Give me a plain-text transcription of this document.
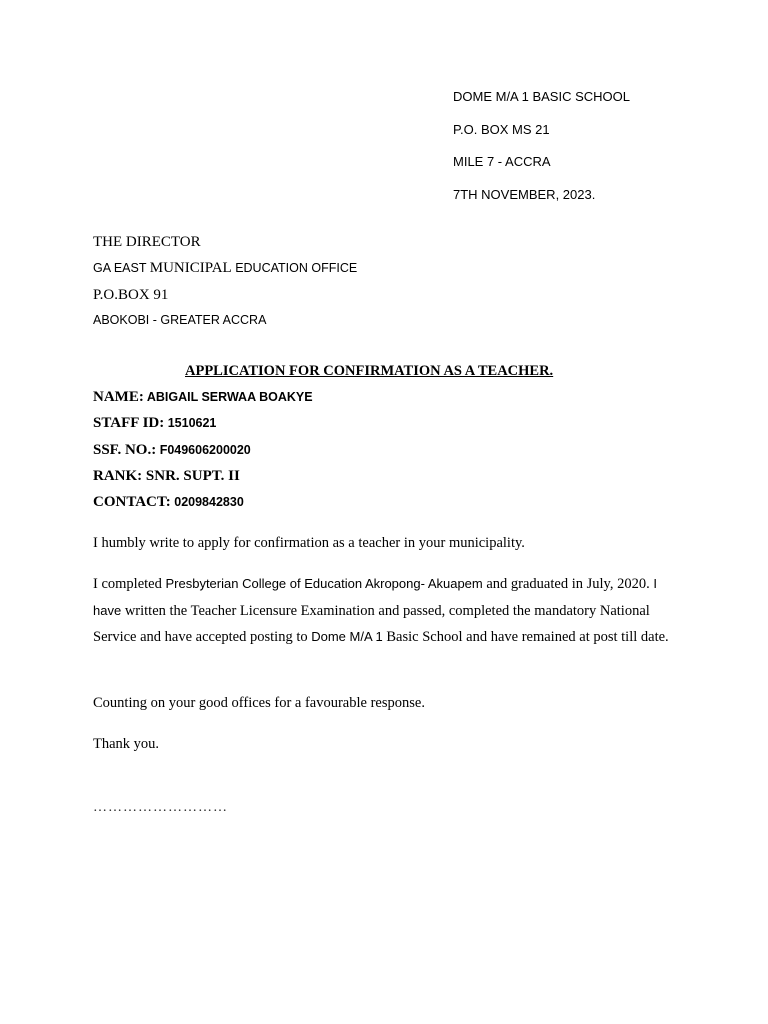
DOME M/A 1 BASIC SCHOOL

P.O. BOX MS 21

MILE 7 - ACCRA

7TH NOVEMBER, 2023.

THE DIRECTOR

GA EAST MUNICIPAL EDUCATION OFFICE

P.O.BOX 91

ABOKOBI - GREATER ACCRA

APPLICATION FOR CONFIRMATION AS A TEACHER.

NAME: ABIGAIL SERWAA BOAKYE

STAFF ID: 1510621

SSF. NO.: F049606200020

RANK: SNR. SUPT. II

CONTACT: 0209842830

I humbly write to apply for confirmation as a teacher in your municipality.

I completed Presbyterian College of Education Akropong- Akuapem and graduated in July, 2020. I have written the Teacher Licensure Examination and passed, completed the mandatory National Service and have accepted posting to Dome M/A 1 Basic School and have remained at post till date.

Counting on your good offices for a favourable response.

Thank you.

………………………
